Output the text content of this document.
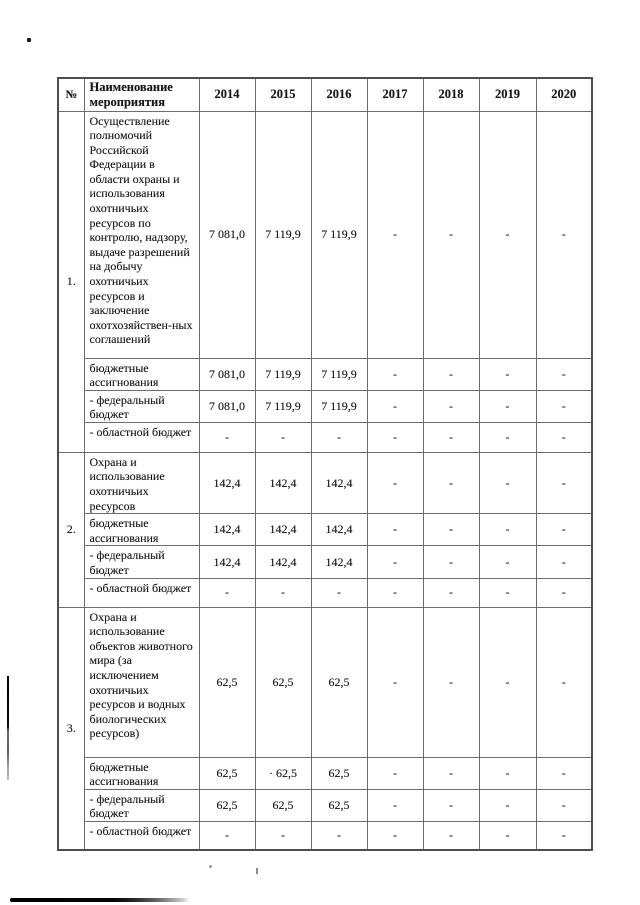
№	Наименование мероприятия	2014	2015	2016	2017	2018	2019	2020
1.	Осуществление полномочий Российской Федерации в области охраны и использования охотничьих ресурсов по контролю, надзору, выдаче разрешений на добычу охотничьих ресурсов и заключение охотхозяйствен-ных соглашений	7 081,0	7 119,9	7 119,9	-	-	-	-
	бюджетные ассигнования	7 081,0	7 119,9	7 119,9	-	-	-	-
	- федеральный бюджет	7 081,0	7 119,9	7 119,9	-	-	-	-
	- областной бюджет	-	-	-	-	-	-	-
2.	Охрана и использование охотничьих ресурсов	142,4	142,4	142,4	-	-	-	-
	бюджетные ассигнования	142,4	142,4	142,4	-	-	-	-
	- федеральный бюджет	142,4	142,4	142,4	-	-	-	-
	- областной бюджет	-	-	-	-	-	-	-
3.	Охрана и использование объектов животного мира (за исключением охотничьих ресурсов и водных биологических ресурсов)	62,5	62,5	62,5	-	-	-	-
	бюджетные ассигнования	62,5	· 62,5	62,5	-	-	-	-
	- федеральный бюджет	62,5	62,5	62,5	-	-	-	-
	- областной бюджет	-	-	-	-	-	-	-
